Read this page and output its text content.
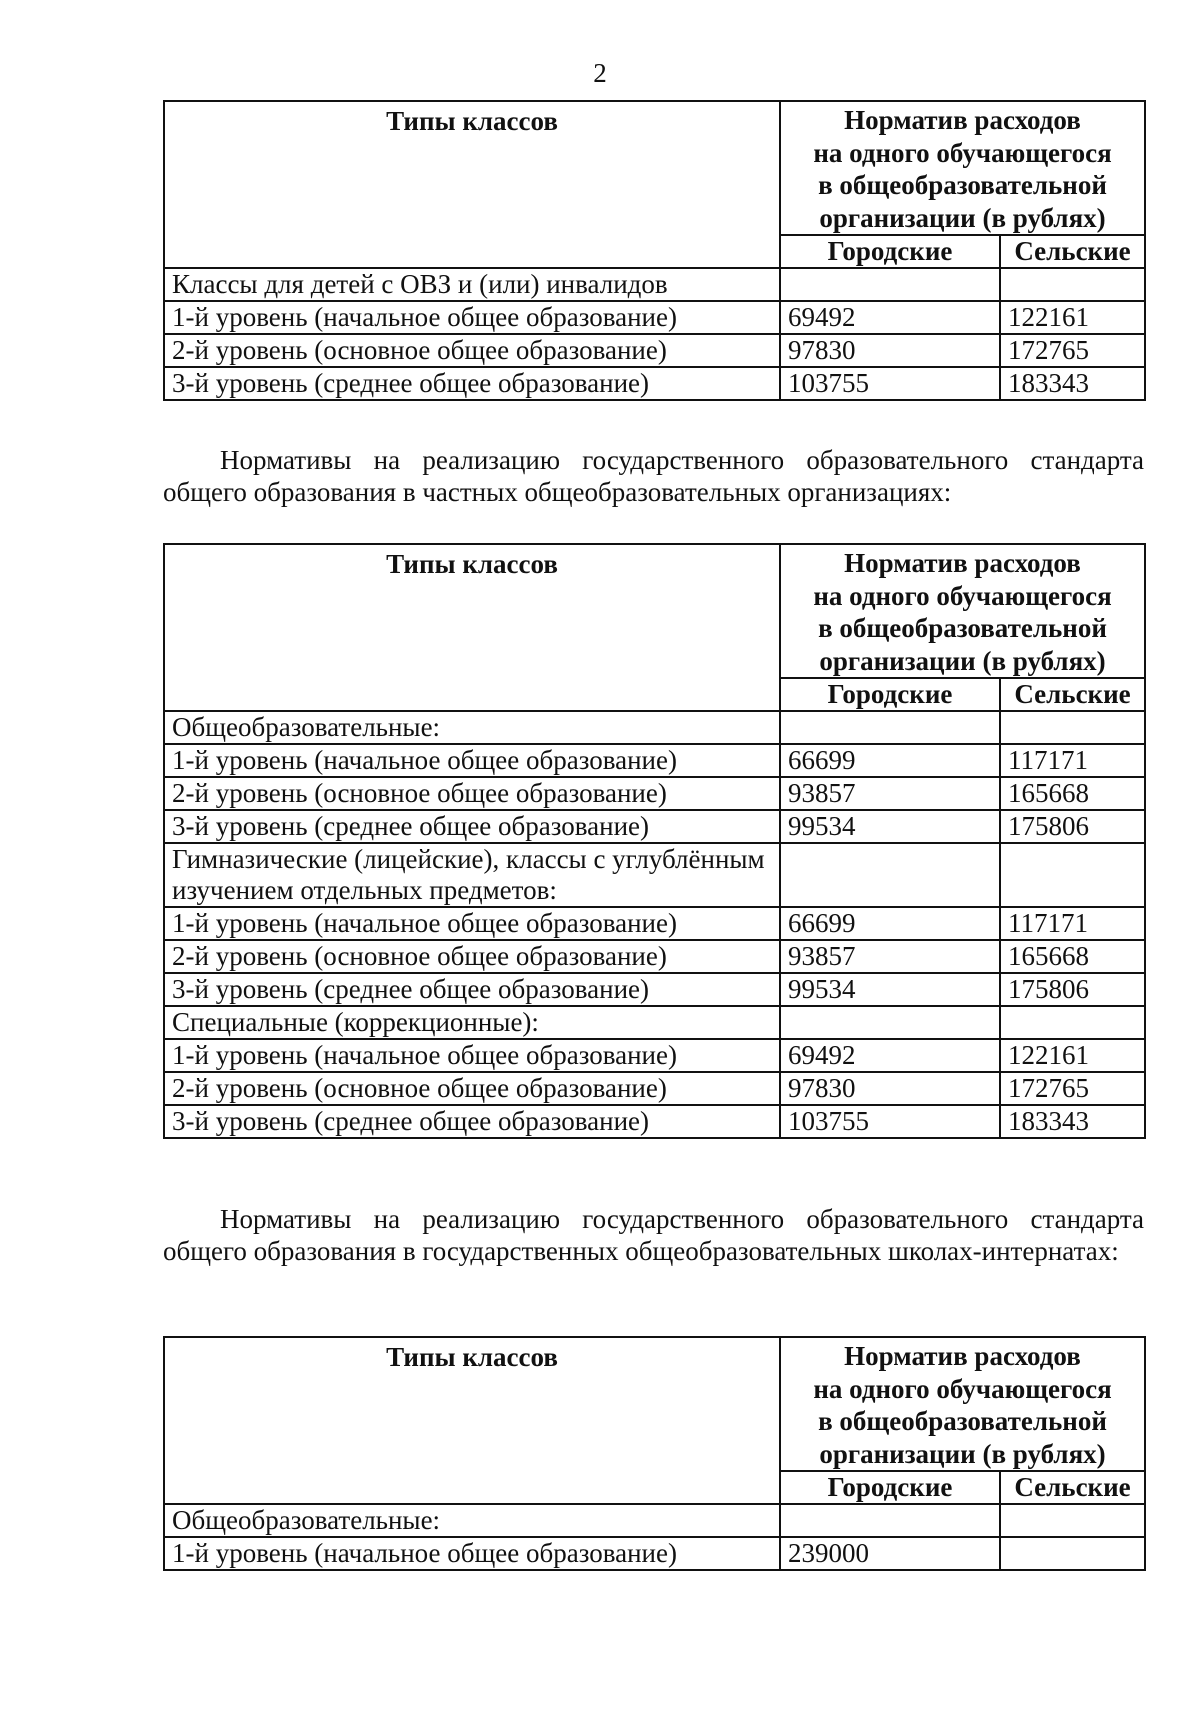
2
Типы классов	Норматив расходов
на одного обучающегося
в общеобразовательной
организации (в рублях)	

	Городские	Сельские
Классы для детей с ОВЗ и (или) инвалидов		
1-й уровень (начальное общее образование)	69492	122161
2-й уровень (основное общее образование)	97830	172765
3-й уровень (среднее общее образование)	103755	183343

Нормативы на реализацию государственного образовательного стандарта общего образования в частных общеобразовательных организациях:

Типы классов	Норматив расходов
на одного обучающегося
в общеобразовательной
организации (в рублях)	

	Городские	Сельские
Общеобразовательные:		
1-й уровень (начальное общее образование)	66699	117171
2-й уровень (основное общее образование)	93857	165668
3-й уровень (среднее общее образование)	99534	175806
Гимназические (лицейские), классы с углублённым изучением отдельных предметов:		
1-й уровень (начальное общее образование)	66699	117171
2-й уровень (основное общее образование)	93857	165668
3-й уровень (среднее общее образование)	99534	175806
Специальные (коррекционные):		
1-й уровень (начальное общее образование)	69492	122161
2-й уровень (основное общее образование)	97830	172765
3-й уровень (среднее общее образование)	103755	183343

Нормативы на реализацию государственного образовательного стандарта общего образования в государственных общеобразовательных школах-интернатах:

Типы классов	Норматив расходов
на одного обучающегося
в общеобразовательной
организации (в рублях)	

	Городские	Сельские
Общеобразовательные:		
1-й уровень (начальное общее образование)	239000	
